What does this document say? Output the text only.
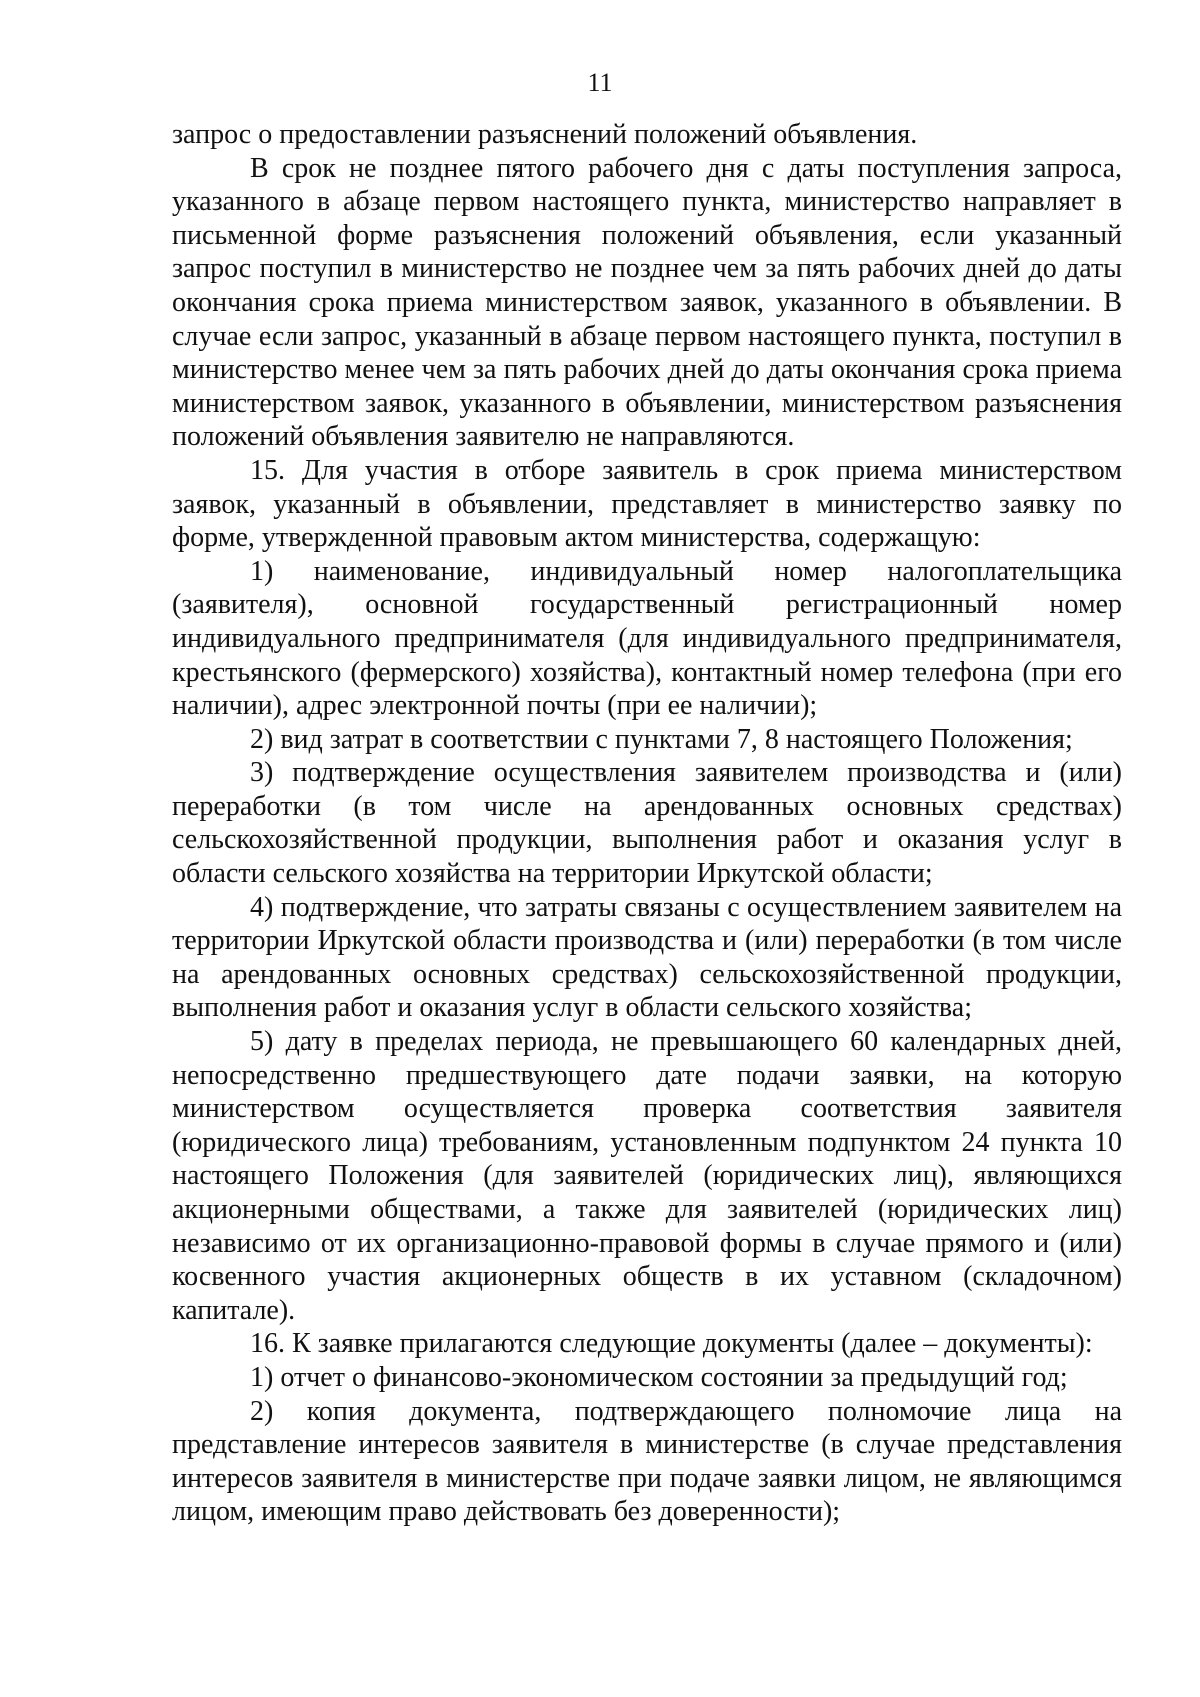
11

запрос о предоставлении разъяснений положений объявления.

В срок не позднее пятого рабочего дня с даты поступления запроса, указанного в абзаце первом настоящего пункта, министерство направляет в письменной форме разъяснения положений объявления, если указанный запрос поступил в министерство не позднее чем за пять рабочих дней до даты окончания срока приема министерством заявок, указанного в объявлении. В случае если запрос, указанный в абзаце первом настоящего пункта, поступил в министерство менее чем за пять рабочих дней до даты окончания срока приема министерством заявок, указанного в объявлении, министерством разъяснения положений объявления заявителю не направляются.

15. Для участия в отборе заявитель в срок приема министерством заявок, указанный в объявлении, представляет в министерство заявку по форме, утвержденной правовым актом министерства, содержащую:

1) наименование, индивидуальный номер налогоплательщика (заявителя), основной государственный регистрационный номер индивидуального предпринимателя (для индивидуального предпринимателя, крестьянского (фермерского) хозяйства), контактный номер телефона (при его наличии), адрес электронной почты (при ее наличии);

2) вид затрат в соответствии с пунктами 7, 8 настоящего Положения;

3) подтверждение осуществления заявителем производства и (или) переработки (в том числе на арендованных основных средствах) сельскохозяйственной продукции, выполнения работ и оказания услуг в области сельского хозяйства на территории Иркутской области;

4) подтверждение, что затраты связаны с осуществлением заявителем на территории Иркутской области производства и (или) переработки (в том числе на арендованных основных средствах) сельскохозяйственной продукции, выполнения работ и оказания услуг в области сельского хозяйства;

5) дату в пределах периода, не превышающего 60 календарных дней, непосредственно предшествующего дате подачи заявки, на которую министерством осуществляется проверка соответствия заявителя (юридического лица) требованиям, установленным подпунктом 24 пункта 10 настоящего Положения (для заявителей (юридических лиц), являющихся акционерными обществами, а также для заявителей (юридических лиц) независимо от их организационно-правовой формы в случае прямого и (или) косвенного участия акционерных обществ в их уставном (складочном) капитале).

16. К заявке прилагаются следующие документы (далее – документы):

1) отчет о финансово-экономическом состоянии за предыдущий год;

2) копия документа, подтверждающего полномочие лица на представление интересов заявителя в министерстве (в случае представления интересов заявителя в министерстве при подаче заявки лицом, не являющимся лицом, имеющим право действовать без доверенности);
